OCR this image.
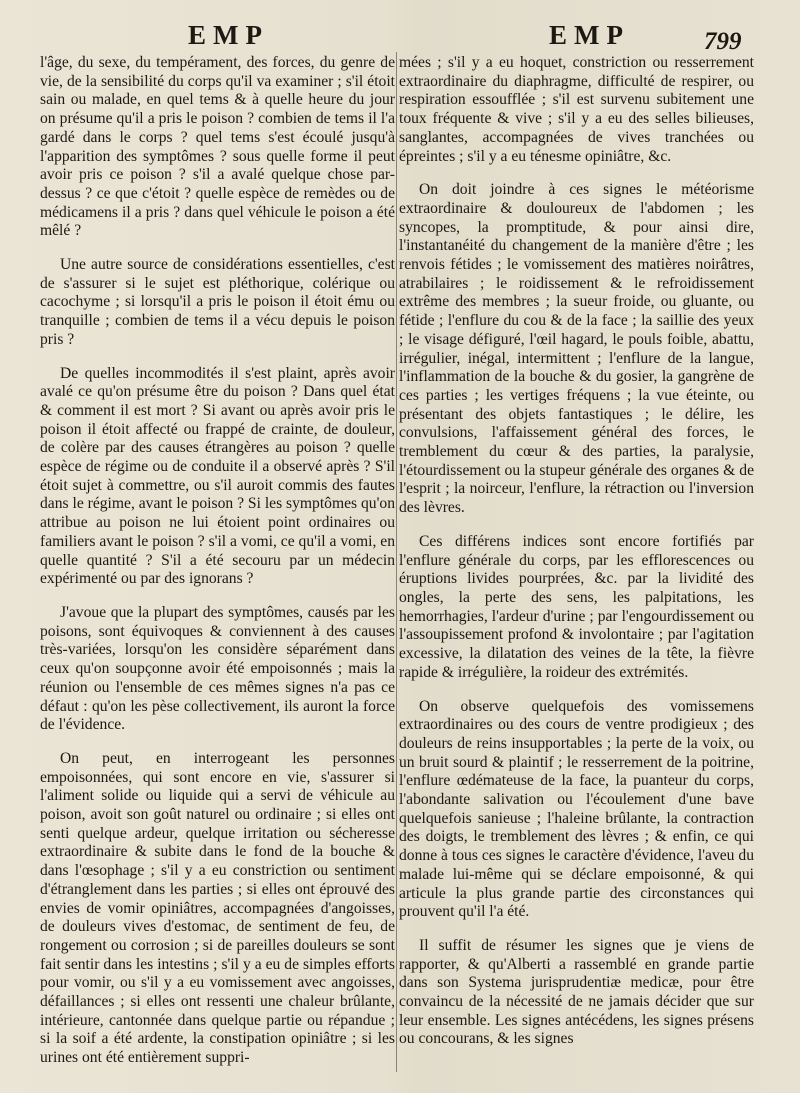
EMP	EMP	799

l'âge, du sexe, du tempérament, des forces, du genre de vie, de la sensibilité du corps qu'il va examiner ; s'il étoit sain ou malade, en quel tems & à quelle heure du jour on présume qu'il a pris le poison ? combien de tems il l'a gardé dans le corps ? quel tems s'est écoulé jusqu'à l'apparition des symptômes ? sous quelle forme il peut avoir pris ce poison ? s'il a avalé quelque chose par-dessus ? ce que c'étoit ? quelle espèce de remèdes ou de médicamens il a pris ? dans quel véhicule le poison a été mêlé ?

Une autre source de considérations essentielles, c'est de s'assurer si le sujet est pléthorique, colérique ou cacochyme ; si lorsqu'il a pris le poison il étoit ému ou tranquille ; combien de tems il a vécu depuis le poison pris ?

De quelles incommodités il s'est plaint, après avoir avalé ce qu'on présume être du poison ? Dans quel état & comment il est mort ? Si avant ou après avoir pris le poison il étoit affecté ou frappé de crainte, de douleur, de colère par des causes étrangères au poison ? quelle espèce de régime ou de conduite il a observé après ? S'il étoit sujet à commettre, ou s'il auroit commis des fautes dans le régime, avant le poison ? Si les symptômes qu'on attribue au poison ne lui étoient point ordinaires ou familiers avant le poison ? s'il a vomi, ce qu'il a vomi, en quelle quantité ? S'il a été secouru par un médecin expérimenté ou par des ignorans ?

J'avoue que la plupart des symptômes, causés par les poisons, sont équivoques & conviennent à des causes très-variées, lorsqu'on les considère séparément dans ceux qu'on soupçonne avoir été empoisonnés ; mais la réunion ou l'ensemble de ces mêmes signes n'a pas ce défaut : qu'on les pèse collectivement, ils auront la force de l'évidence.

On peut, en interrogeant les personnes empoisonnées, qui sont encore en vie, s'assurer si l'aliment solide ou liquide qui a servi de véhicule au poison, avoit son goût naturel ou ordinaire ; si elles ont senti quelque ardeur, quelque irritation ou sécheresse extraordinaire & subite dans le fond de la bouche & dans l'œsophage ; s'il y a eu constriction ou sentiment d'étranglement dans les parties ; si elles ont éprouvé des envies de vomir opiniâtres, accompagnées d'angoisses, de douleurs vives d'estomac, de sentiment de feu, de rongement ou corrosion ; si de pareilles douleurs se sont fait sentir dans les intestins ; s'il y a eu de simples efforts pour vomir, ou s'il y a eu vomissement avec angoisses, défaillances ; si elles ont ressenti une chaleur brûlante, intérieure, cantonnée dans quelque partie ou répandue ; si la soif a été ardente, la constipation opiniâtre ; si les urines ont été entièrement suppri-

mées ; s'il y a eu hoquet, constriction ou resserrement extraordinaire du diaphragme, difficulté de respirer, ou respiration essoufflée ; s'il est survenu subitement une toux fréquente & vive ; s'il y a eu des selles bilieuses, sanglantes, accompagnées de vives tranchées ou épreintes ; s'il y a eu ténesme opiniâtre, &c.

On doit joindre à ces signes le météorisme extraordinaire & douloureux de l'abdomen ; les syncopes, la promptitude, & pour ainsi dire, l'instantanéité du changement de la manière d'être ; les renvois fétides ; le vomissement des matières noirâtres, atrabilaires ; le roidissement & le refroidissement extrême des membres ; la sueur froide, ou gluante, ou fétide ; l'enflure du cou & de la face ; la saillie des yeux ; le visage défiguré, l'œil hagard, le pouls foible, abattu, irrégulier, inégal, intermittent ; l'enflure de la langue, l'inflammation de la bouche & du gosier, la gangrène de ces parties ; les vertiges fréquens ; la vue éteinte, ou présentant des objets fantastiques ; le délire, les convulsions, l'affaissement général des forces, le tremblement du cœur & des parties, la paralysie, l'étourdissement ou la stupeur générale des organes & de l'esprit ; la noirceur, l'enflure, la rétraction ou l'inversion des lèvres.

Ces différens indices sont encore fortifiés par l'enflure générale du corps, par les efflorescences ou éruptions livides pourprées, &c. par la lividité des ongles, la perte des sens, les palpitations, les hemorrhagies, l'ardeur d'urine ; par l'engourdissement ou l'assoupissement profond & involontaire ; par l'agitation excessive, la dilatation des veines de la tête, la fièvre rapide & irrégulière, la roideur des extrémités.

On observe quelquefois des vomissemens extraordinaires ou des cours de ventre prodigieux ; des douleurs de reins insupportables ; la perte de la voix, ou un bruit sourd & plaintif ; le resserrement de la poitrine, l'enflure œdémateuse de la face, la puanteur du corps, l'abondante salivation ou l'écoulement d'une bave quelquefois sanieuse ; l'haleine brûlante, la contraction des doigts, le tremblement des lèvres ; & enfin, ce qui donne à tous ces signes le caractère d'évidence, l'aveu du malade lui-même qui se déclare empoisonné, & qui articule la plus grande partie des circonstances qui prouvent qu'il l'a été.

Il suffit de résumer les signes que je viens de rapporter, & qu'Alberti a rassemblé en grande partie dans son Systema jurisprudentiæ medicæ, pour être convaincu de la nécessité de ne jamais décider que sur leur ensemble. Les signes antécédens, les signes présens ou concourans, & les signes
